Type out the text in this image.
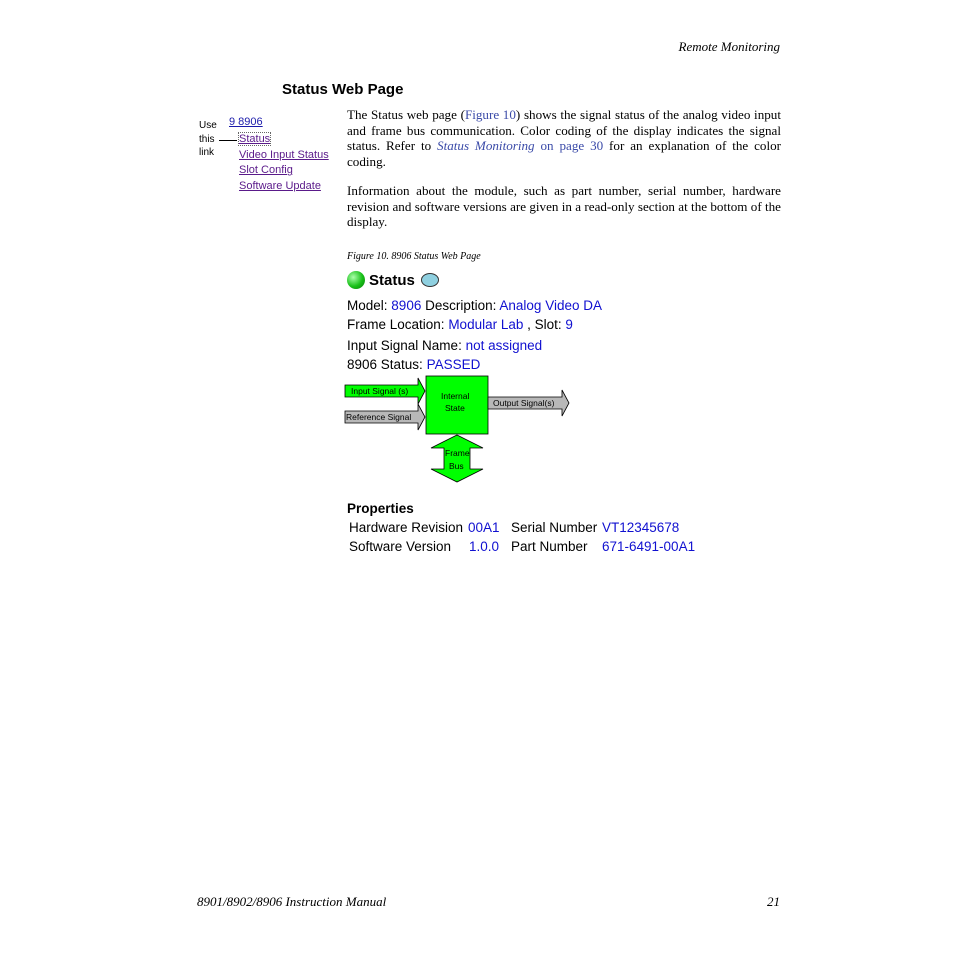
Remote Monitoring
Status Web Page
Use
this
link
9 8906
Status
Video Input Status
Slot Config
Software Update
The Status web page (Figure 10) shows the signal status of the analog video input and frame bus communication. Color coding of the display indicates the signal status. Refer to Status Monitoring on page 30 for an explanation of the color coding.
Information about the module, such as part number, serial number, hardware revision and software versions are given in a read-only section at the bottom of the display.
Figure 10. 8906 Status Web Page
Status
Model: 8906 Description: Analog Video DA
Frame Location: Modular Lab , Slot: 9
Input Signal Name: not assigned
8906 Status: PASSED
Input Signal (s)
Reference Signal
Internal
State	Output Signal(s)
Frame
Bus
Properties
Hardware Revision 00A1 Serial Number VT12345678
Software Version 1.0.0 Part Number 671-6491-00A1
8901/8902/8906 Instruction Manual	21
